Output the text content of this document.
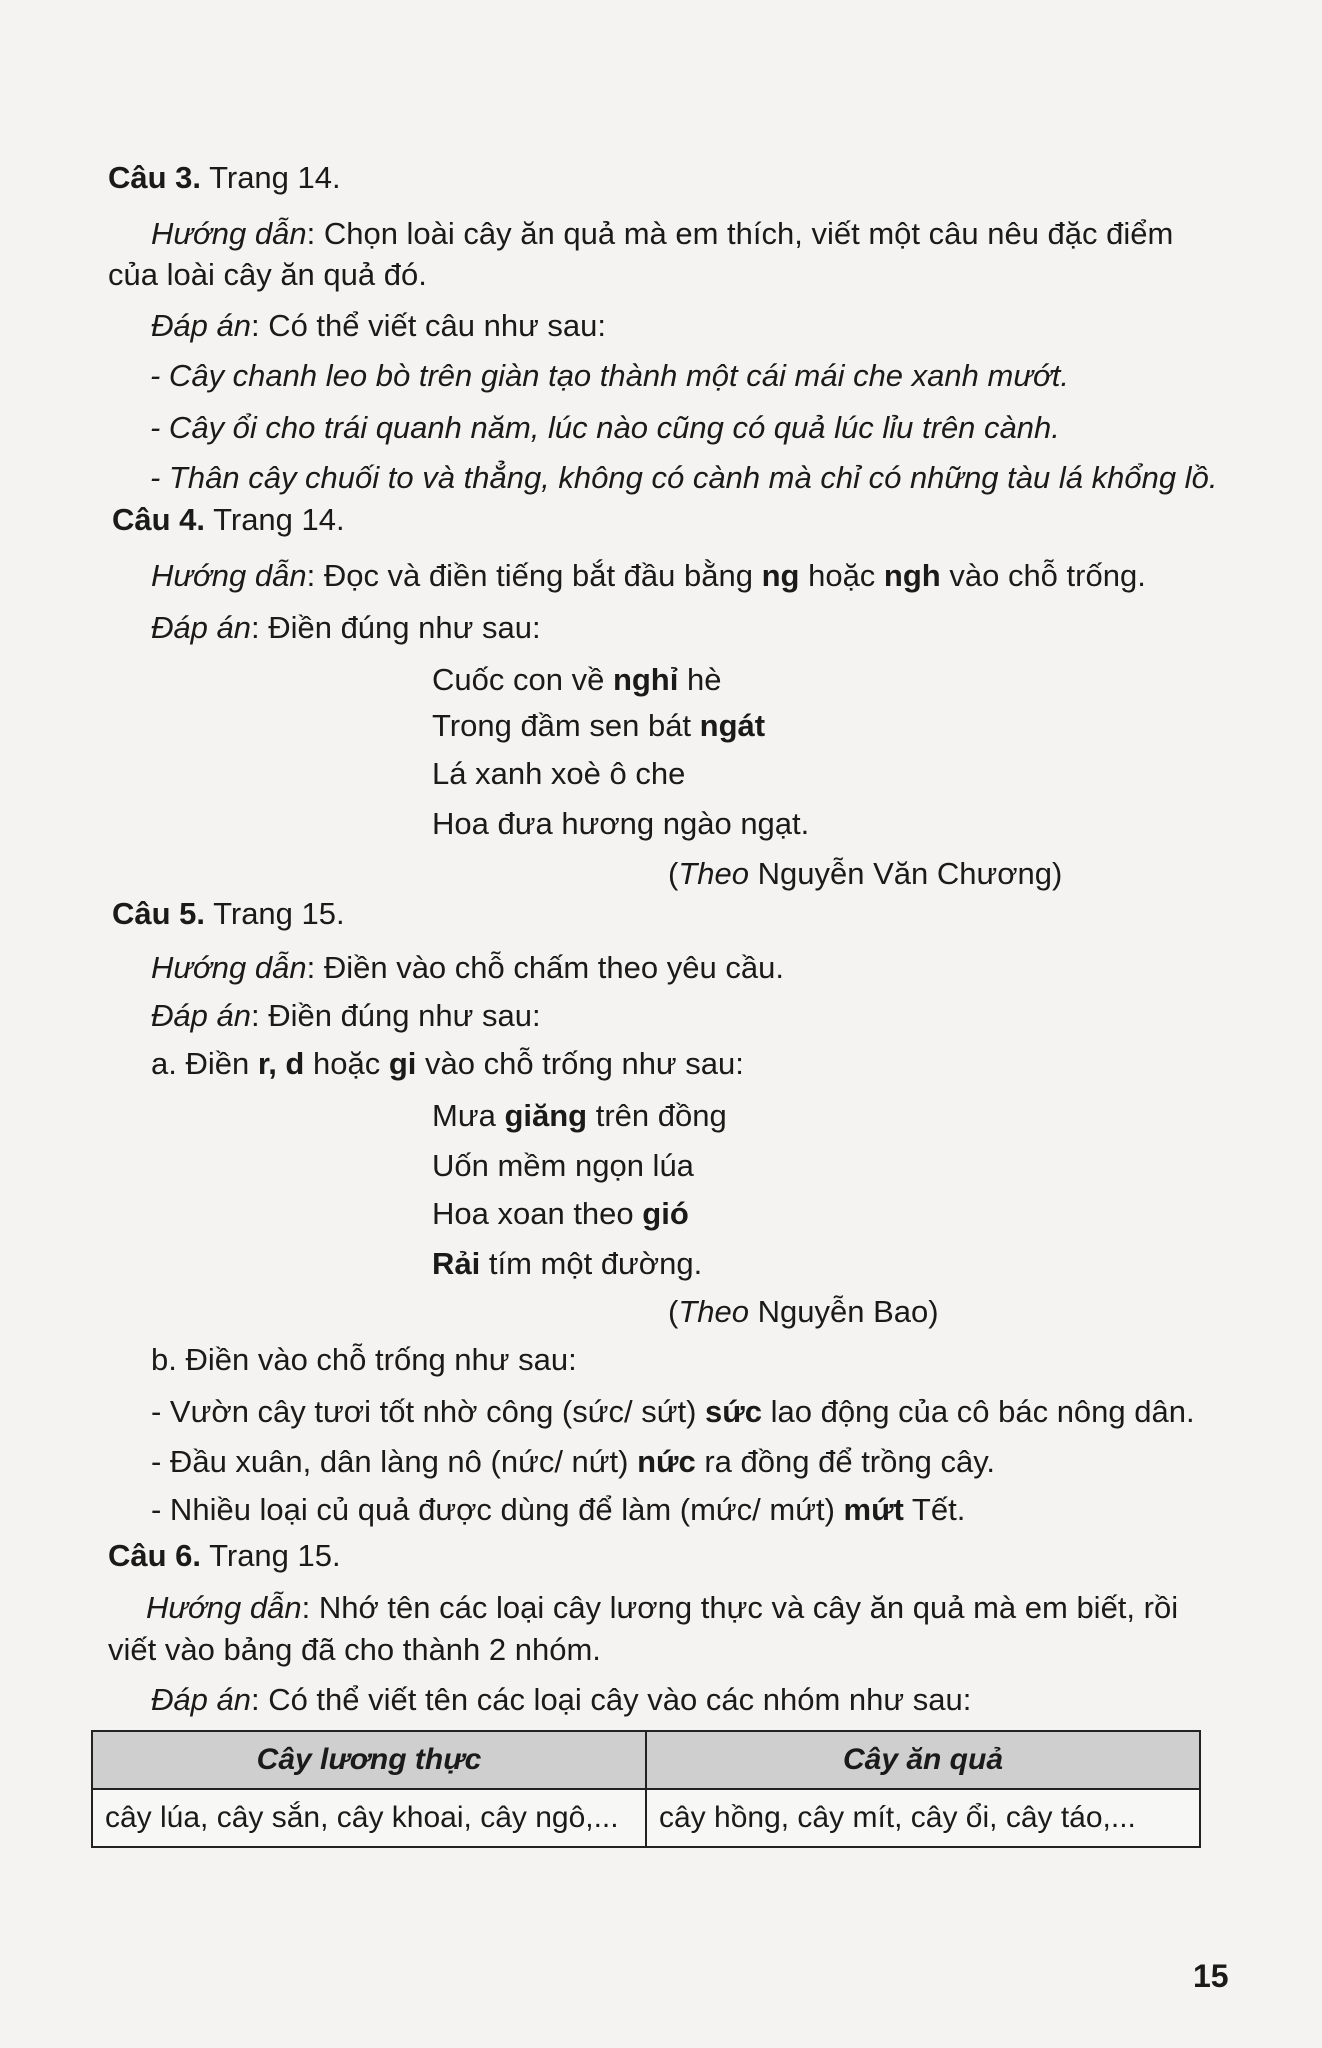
Câu 3. Trang 14.
Hướng dẫn: Chọn loài cây ăn quả mà em thích, viết một câu nêu đặc điểm
của loài cây ăn quả đó.
Đáp án: Có thể viết câu như sau:
- Cây chanh leo bò trên giàn tạo thành một cái mái che xanh mướt.
- Cây ổi cho trái quanh năm, lúc nào cũng có quả lúc lỉu trên cành.
- Thân cây chuối to và thẳng, không có cành mà chỉ có những tàu lá khổng lồ.
Câu 4. Trang 14.
Hướng dẫn: Đọc và điền tiếng bắt đầu bằng ng hoặc ngh vào chỗ trống.
Đáp án: Điền đúng như sau:
Cuốc con về nghỉ hè
Trong đầm sen bát ngát
Lá xanh xoè ô che
Hoa đưa hương ngào ngạt.
(Theo Nguyễn Văn Chương)
Câu 5. Trang 15.
Hướng dẫn: Điền vào chỗ chấm theo yêu cầu.
Đáp án: Điền đúng như sau:
a. Điền r, d hoặc gi vào chỗ trống như sau:
Mưa giăng trên đồng
Uốn mềm ngọn lúa
Hoa xoan theo gió
Rải tím một đường.
(Theo Nguyễn Bao)
b. Điền vào chỗ trống như sau:
- Vườn cây tươi tốt nhờ công (sức/ sứt) sức lao động của cô bác nông dân.
- Đầu xuân, dân làng nô (nức/ nứt) nức ra đồng để trồng cây.
- Nhiều loại củ quả được dùng để làm (mức/ mứt) mứt Tết.
Câu 6. Trang 15.
Hướng dẫn: Nhớ tên các loại cây lương thực và cây ăn quả mà em biết, rồi
viết vào bảng đã cho thành 2 nhóm.
Đáp án: Có thể viết tên các loại cây vào các nhóm như sau:
Cây lương thực	Cây ăn quả
cây lúa, cây sắn, cây khoai, cây ngô,...	cây hồng, cây mít, cây ổi, cây táo,...
15
